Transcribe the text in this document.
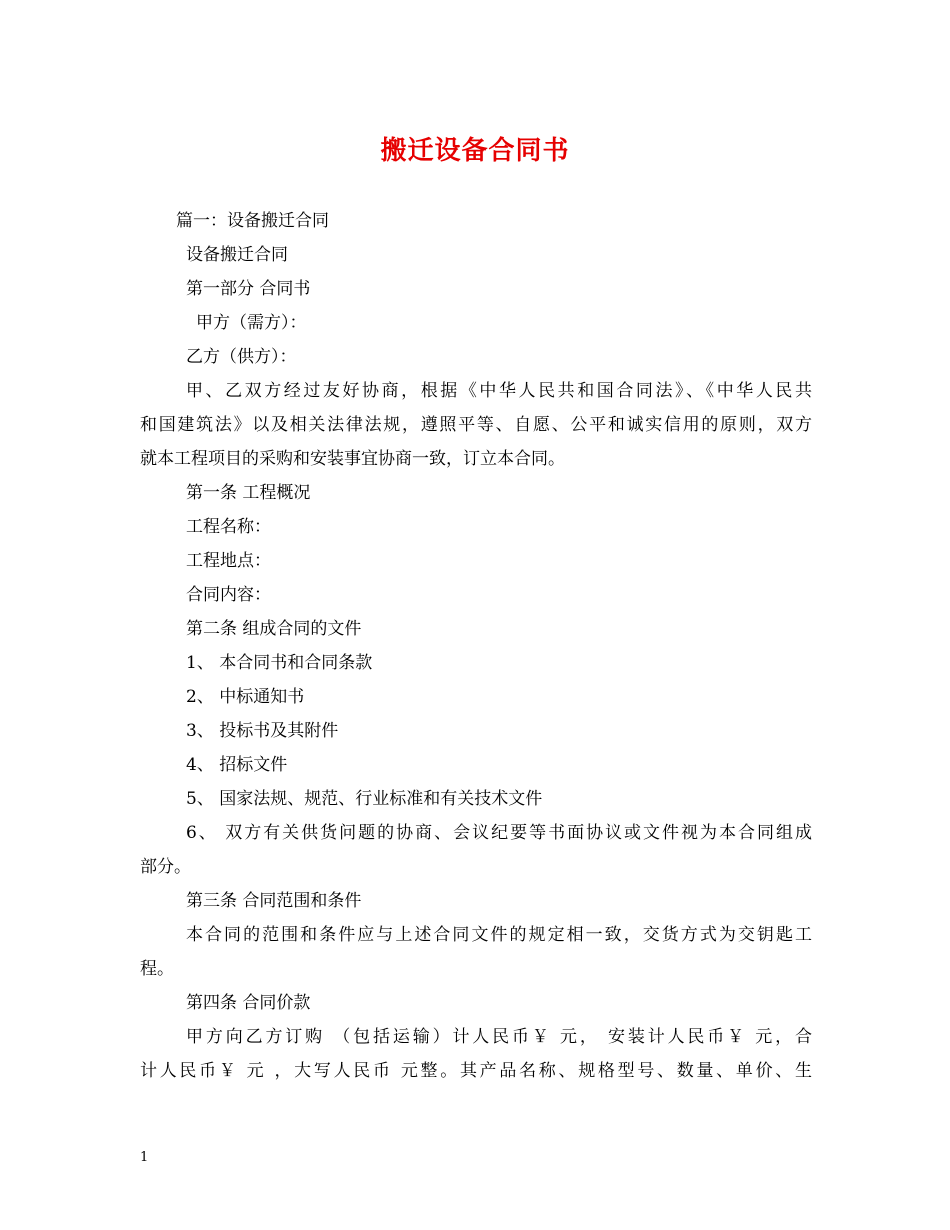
搬迁设备合同书
篇一：设备搬迁合同
设备搬迁合同
第一部分 合同书
甲方（需方）：
乙方（供方）：
甲、乙双方经过友好协商，根据《中华人民共和国合同法》、《中华人民共
和国建筑法》以及相关法律法规，遵照平等、自愿、公平和诚实信用的原则，双方
就本工程项目的采购和安装事宜协商一致，订立本合同。
第一条 工程概况
工程名称：
工程地点：
合同内容：
第二条 组成合同的文件
1、 本合同书和合同条款
2、 中标通知书
3、 投标书及其附件
4、 招标文件
5、 国家法规、规范、行业标准和有关技术文件
6、 双方有关供货问题的协商、会议纪要等书面协议或文件视为本合同组成
部分。
第三条 合同范围和条件
本合同的范围和条件应与上述合同文件的规定相一致，交货方式为交钥匙工
程。
第四条 合同价款
甲方向乙方订购 （包括运输）计人民币￥ 元， 安装计人民币￥ 元，合
计人民币￥ 元 ，大写人民币 元整。其产品名称、规格型号、数量、单价、生
1
